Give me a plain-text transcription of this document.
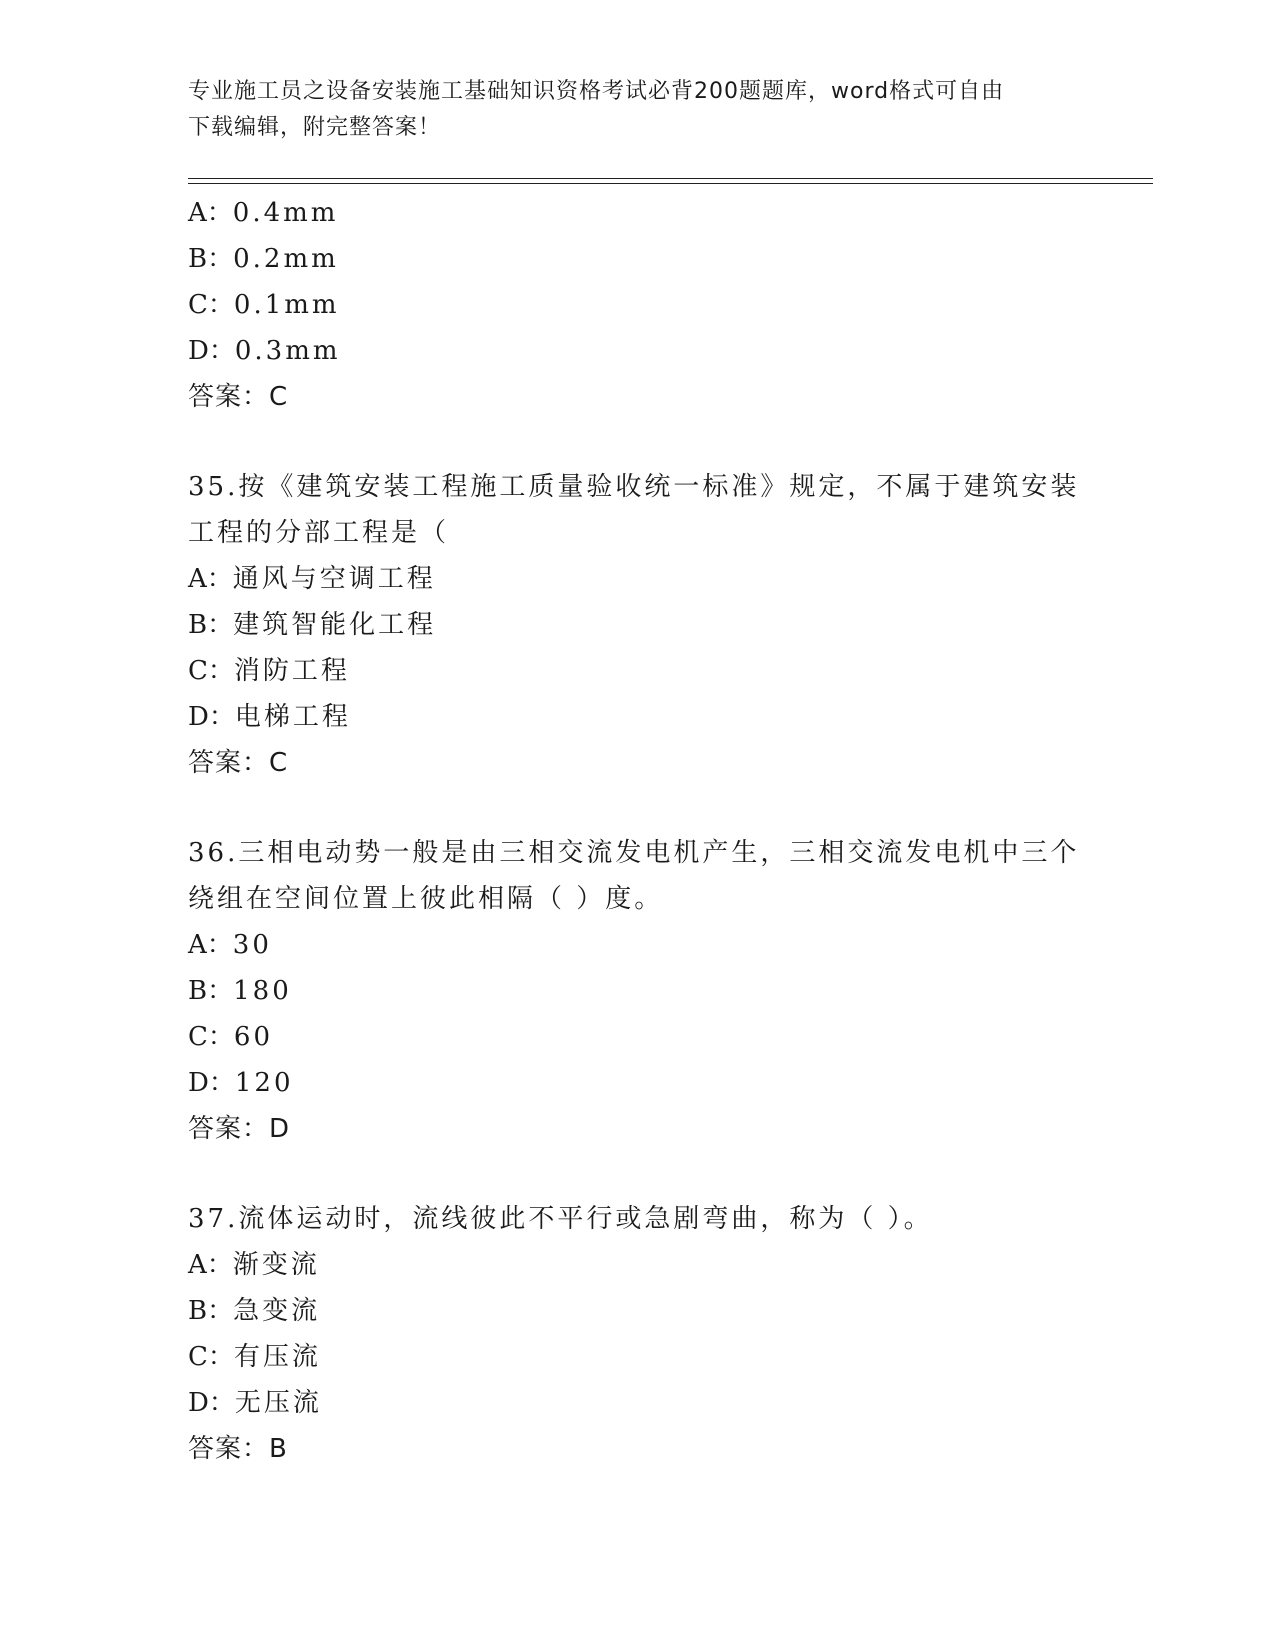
专业施工员之设备安装施工基础知识资格考试必背200题题库，word格式可自由
下载编辑，附完整答案！
A：0.4mm
B：0.2mm
C：0.1mm
D：0.3mm
答案：C
35.按《建筑安装工程施工质量验收统一标准》规定，不属于建筑安装
工程的分部工程是（
A：通风与空调工程
B：建筑智能化工程
C：消防工程
D：电梯工程
答案：C
36.三相电动势一般是由三相交流发电机产生，三相交流发电机中三个
绕组在空间位置上彼此相隔（ ）度。
A：30
B：180
C：60
D：120
答案：D
37.流体运动时，流线彼此不平行或急剧弯曲，称为（ ）。
A：渐变流
B：急变流
C：有压流
D：无压流
答案：B
